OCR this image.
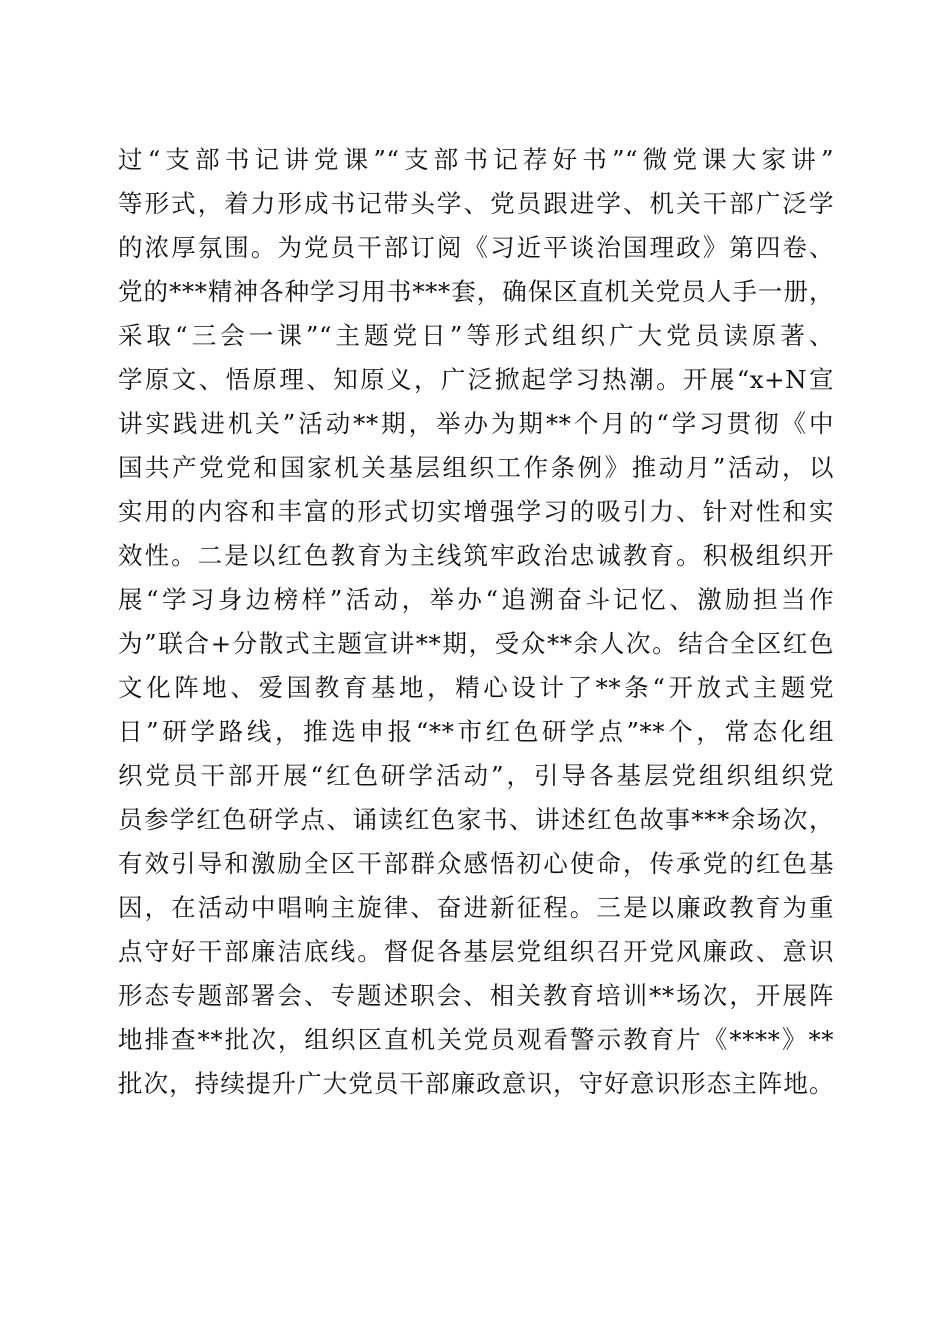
过“支部书记讲党课”“支部书记荐好书”“微党课大家讲”
等形式，着力形成书记带头学、党员跟进学、机关干部广泛学
的浓厚氛围。为党员干部订阅《习近平谈治国理政》第四卷、
党的***精神各种学习用书***套，确保区直机关党员人手一册，
采取“三会一课”“主题党日”等形式组织广大党员读原著、
学原文、悟原理、知原义，广泛掀起学习热潮。开展“x+N宣
讲实践进机关”活动**期，举办为期**个月的“学习贯彻《中
国共产党党和国家机关基层组织工作条例》推动月”活动，以
实用的内容和丰富的形式切实增强学习的吸引力、针对性和实
效性。二是以红色教育为主线筑牢政治忠诚教育。积极组织开
展“学习身边榜样”活动，举办“追溯奋斗记忆、激励担当作
为”联合+分散式主题宣讲**期，受众**余人次。结合全区红色
文化阵地、爱国教育基地，精心设计了**条“开放式主题党
日”研学路线，推选申报“**市红色研学点”**个，常态化组
织党员干部开展“红色研学活动”，引导各基层党组织组织党
员参学红色研学点、诵读红色家书、讲述红色故事***余场次，
有效引导和激励全区干部群众感悟初心使命，传承党的红色基
因，在活动中唱响主旋律、奋进新征程。三是以廉政教育为重
点守好干部廉洁底线。督促各基层党组织召开党风廉政、意识
形态专题部署会、专题述职会、相关教育培训**场次，开展阵
地排查**批次，组织区直机关党员观看警示教育片《****》**
批次，持续提升广大党员干部廉政意识，守好意识形态主阵地。
